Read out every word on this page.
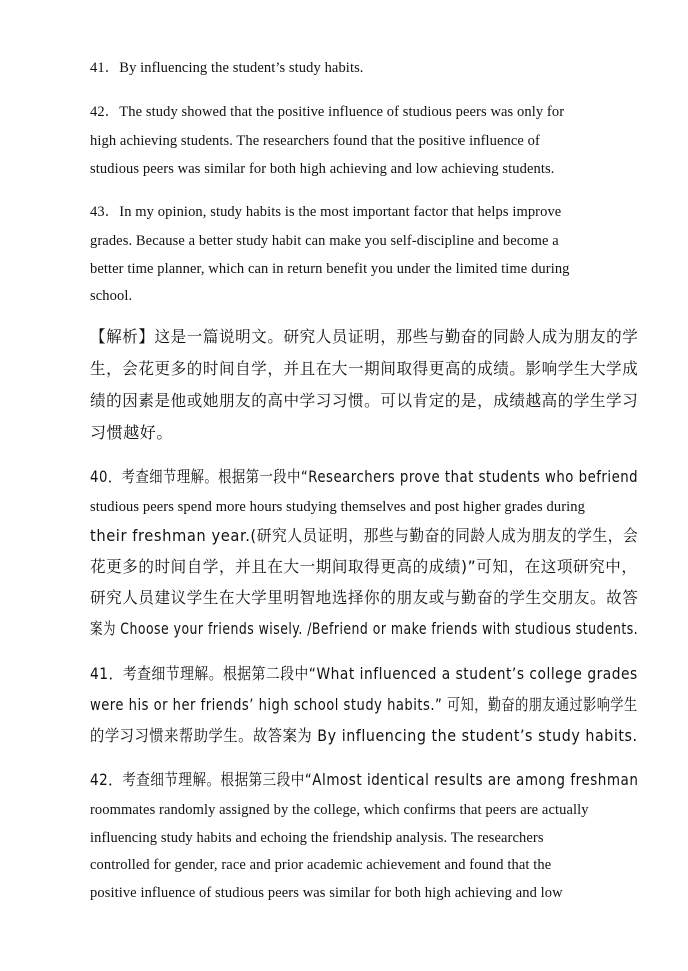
41．By influencing the student’s study habits.
42．The study showed that the positive influence of studious peers was only for
high achieving students. The researchers found that the positive influence of
studious peers was similar for both high achieving and low achieving students.
43．In my opinion, study habits is the most important factor that helps improve
grades. Because a better study habit can make you self-discipline and become a
better time planner, which can in return benefit you under the limited time during
school.
【解析】这是一篇说明文。研究人员证明，那些与勤奋的同龄人成为朋友的学
生，会花更多的时间自学，并且在大一期间取得更高的成绩。影响学生大学成
绩的因素是他或她朋友的高中学习习惯。可以肯定的是，成绩越高的学生学习
习惯越好。
40．考查细节理解。根据第一段中“Researchers prove that students who befriend
studious peers spend more hours studying themselves and post higher grades during
their freshman year.(研究人员证明，那些与勤奋的同龄人成为朋友的学生，会
花更多的时间自学，并且在大一期间取得更高的成绩)”可知，在这项研究中，
研究人员建议学生在大学里明智地选择你的朋友或与勤奋的学生交朋友。故答
案为 Choose your friends wisely. /Befriend or make friends with studious students.
41．考查细节理解。根据第二段中“What influenced a student’s college grades
were his or her friends’ high school study habits.” 可知，勤奋的朋友通过影响学生
的学习习惯来帮助学生。故答案为 By influencing the student’s study habits.
42．考查细节理解。根据第三段中“Almost identical results are among freshman
roommates randomly assigned by the college, which confirms that peers are actually
influencing study habits and echoing the friendship analysis. The researchers
controlled for gender, race and prior academic achievement and found that the
positive influence of studious peers was similar for both high achieving and low
